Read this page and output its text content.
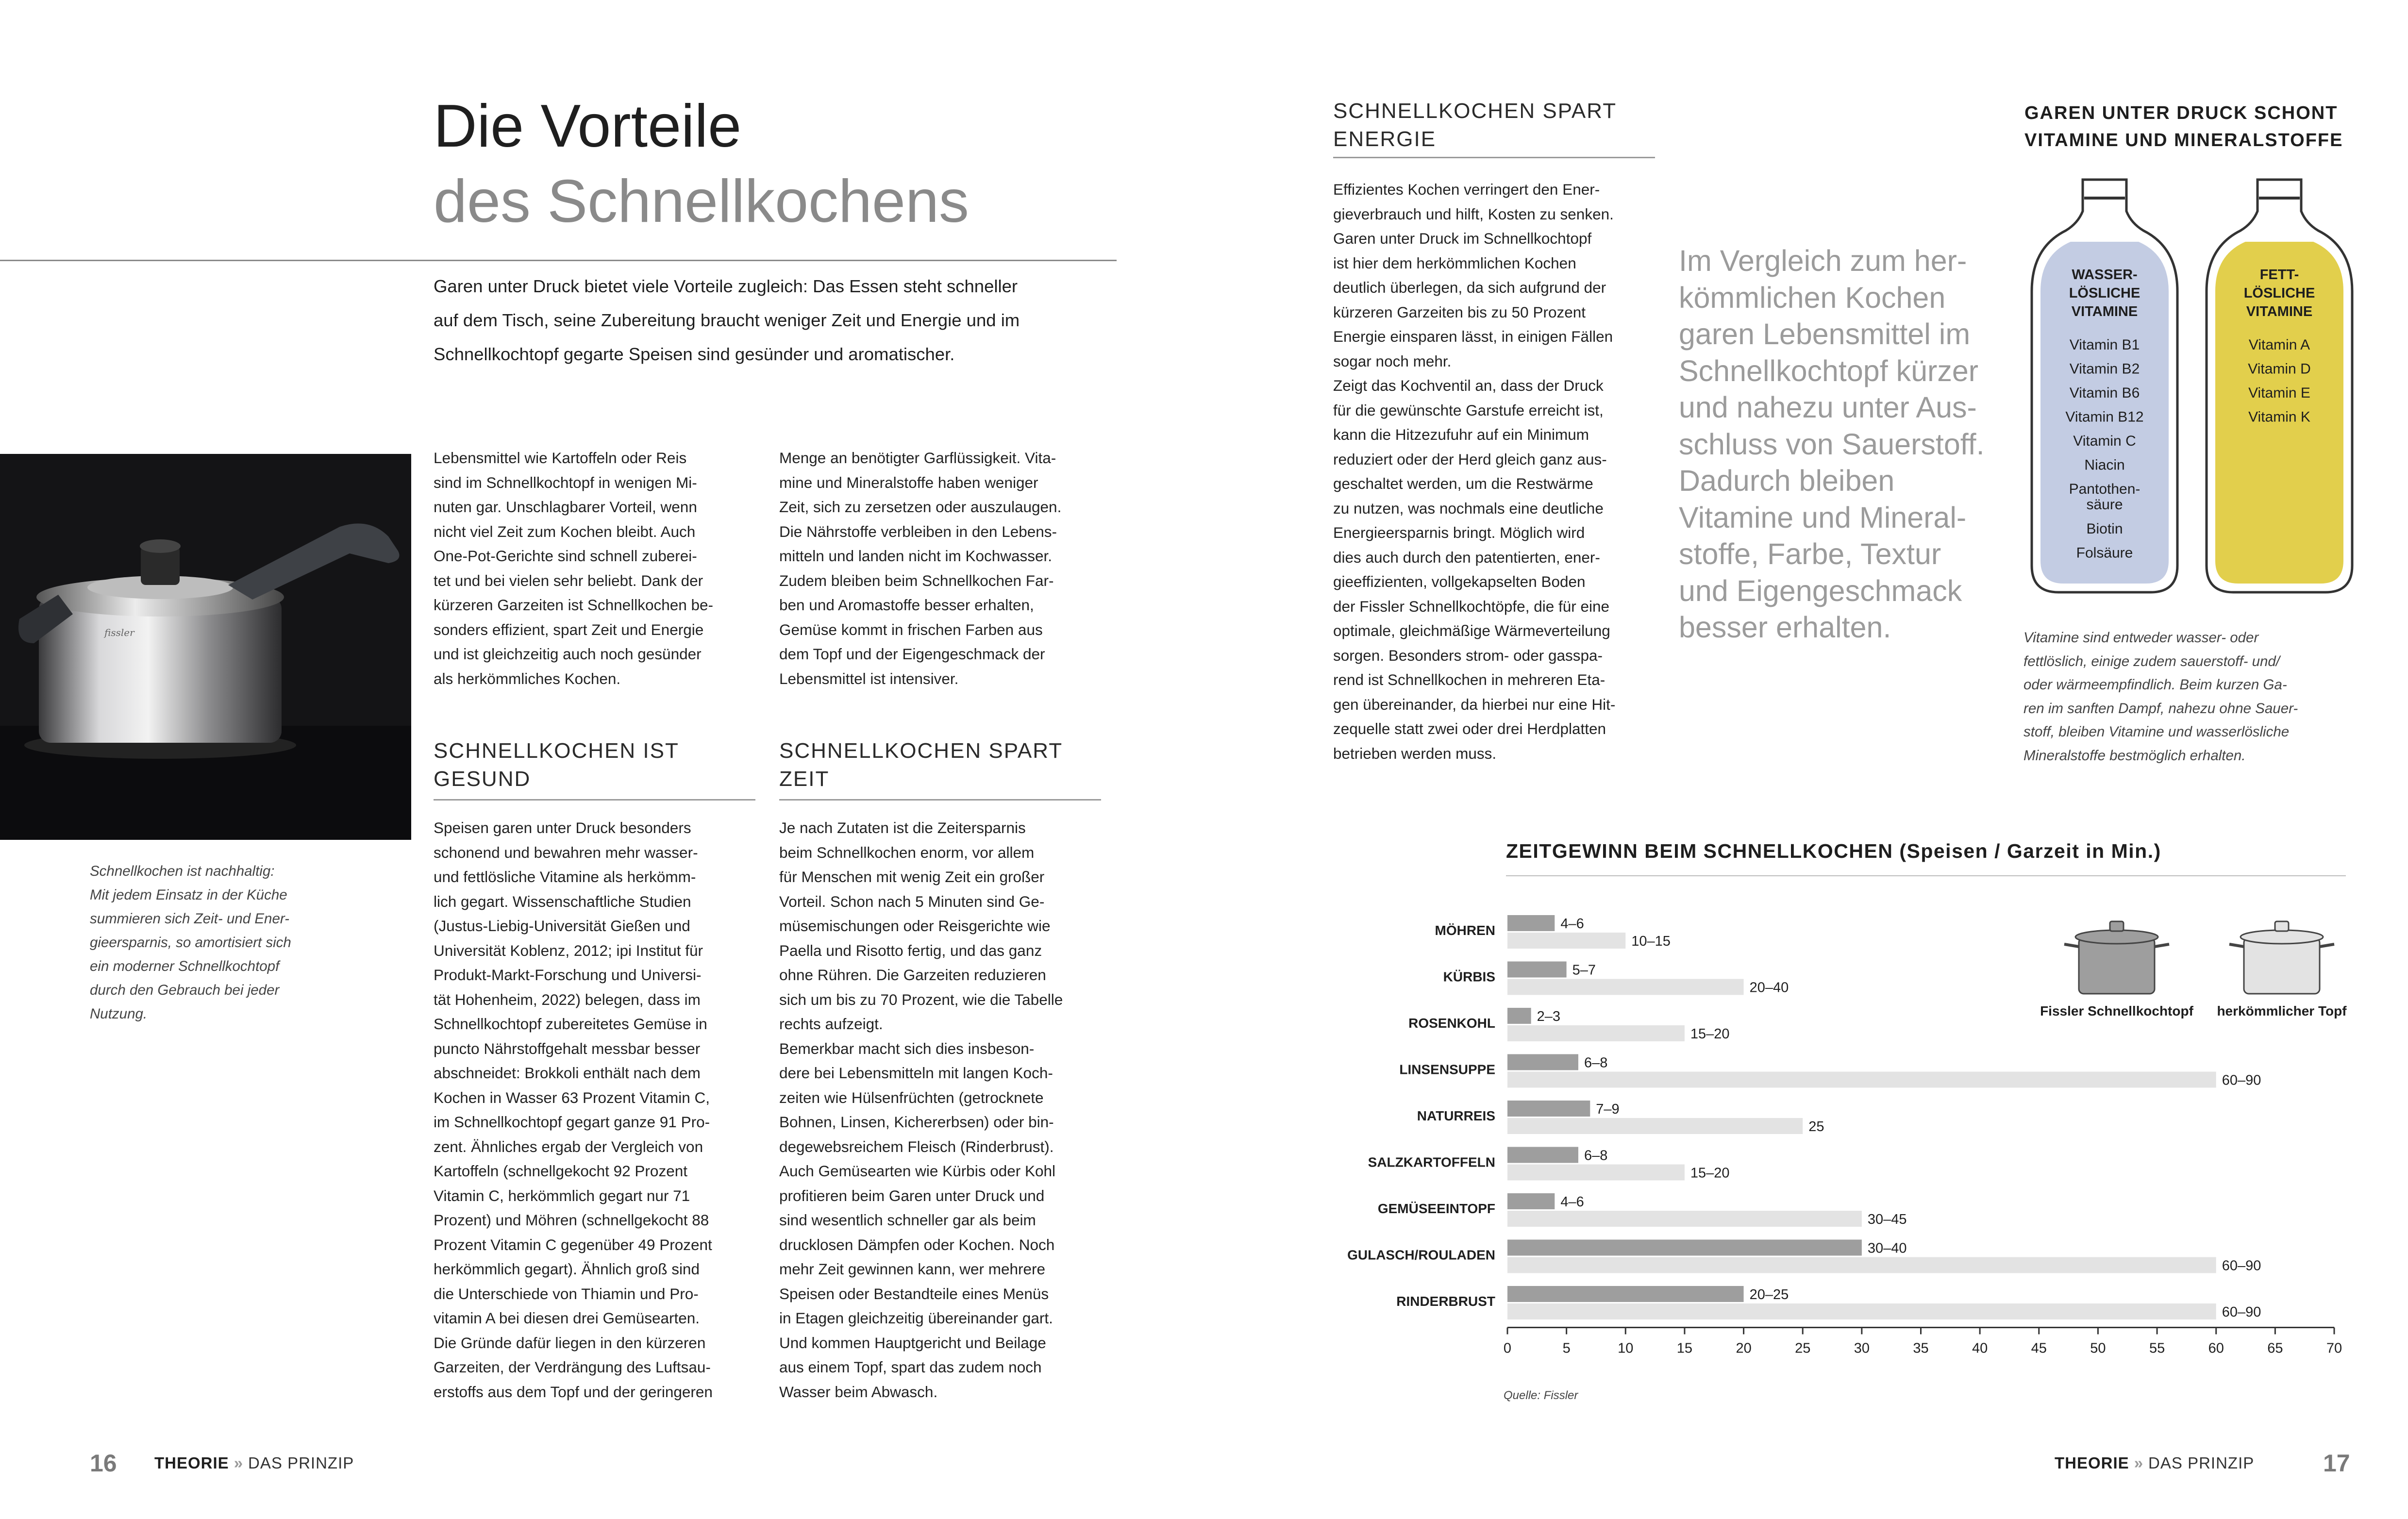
Die Vorteile
des Schnellkochens
Garen unter Druck bietet viele Vorteile zugleich: Das Essen steht schneller
auf dem Tisch, seine Zubereitung braucht weniger Zeit und Energie und im
Schnellkochtopf gegarte Speisen sind gesünder und aromatischer.
fissler
Schnellkochen ist nachhaltig:
Mit jedem Einsatz in der Küche
summieren sich Zeit- und Ener-
gieersparnis, so amortisiert sich
ein moderner Schnellkochtopf
durch den Gebrauch bei jeder
Nutzung.
Lebensmittel wie Kartoffeln oder Reis
sind im Schnellkochtopf in wenigen Mi-
nuten gar. Unschlagbarer Vorteil, wenn
nicht viel Zeit zum Kochen bleibt. Auch
One-Pot-Gerichte sind schnell zuberei-
tet und bei vielen sehr beliebt. Dank der
kürzeren Garzeiten ist Schnellkochen be-
sonders effizient, spart Zeit und Energie
und ist gleichzeitig auch noch gesünder
als herkömmliches Kochen.
Menge an benötigter Garflüssigkeit. Vita-
mine und Mineralstoffe haben weniger
Zeit, sich zu zersetzen oder auszulaugen.
Die Nährstoffe verbleiben in den Lebens-
mitteln und landen nicht im Kochwasser.
Zudem bleiben beim Schnellkochen Far-
ben und Aromastoffe besser erhalten,
Gemüse kommt in frischen Farben aus
dem Topf und der Eigengeschmack der
Lebensmittel ist intensiver.
SCHNELLKOCHEN IST
GESUND
Speisen garen unter Druck besonders
schonend und bewahren mehr wasser-
und fettlösliche Vitamine als herkömm-
lich gegart. Wissenschaftliche Studien
(Justus-Liebig-Universität Gießen und
Universität Koblenz, 2012; ipi Institut für
Produkt-Markt-Forschung und Universi-
tät Hohenheim, 2022) belegen, dass im
Schnellkochtopf zubereitetes Gemüse in
puncto Nährstoffgehalt messbar besser
abschneidet: Brokkoli enthält nach dem
Kochen in Wasser 63 Prozent Vitamin C,
im Schnellkochtopf gegart ganze 91 Pro-
zent. Ähnliches ergab der Vergleich von
Kartoffeln (schnellgekocht 92 Prozent
Vitamin C, herkömmlich gegart nur 71
Prozent) und Möhren (schnellgekocht 88
Prozent Vitamin C gegenüber 49 Prozent
herkömmlich gegart). Ähnlich groß sind
die Unterschiede von Thiamin und Pro-
vitamin A bei diesen drei Gemüsearten.
Die Gründe dafür liegen in den kürzeren
Garzeiten, der Verdrängung des Luftsau-
erstoffs aus dem Topf und der geringeren
SCHNELLKOCHEN SPART
ZEIT
Je nach Zutaten ist die Zeitersparnis
beim Schnellkochen enorm, vor allem
für Menschen mit wenig Zeit ein großer
Vorteil. Schon nach 5 Minuten sind Ge-
müsemischungen oder Reisgerichte wie
Paella und Risotto fertig, und das ganz
ohne Rühren. Die Garzeiten reduzieren
sich um bis zu 70 Prozent, wie die Tabelle
rechts aufzeigt.
Bemerkbar macht sich dies insbeson-
dere bei Lebensmitteln mit langen Koch-
zeiten wie Hülsenfrüchten (getrocknete
Bohnen, Linsen, Kichererbsen) oder bin-
degewebsreichem Fleisch (Rinderbrust).
Auch Gemüsearten wie Kürbis oder Kohl
profitieren beim Garen unter Druck und
sind wesentlich schneller gar als beim
drucklosen Dämpfen oder Kochen. Noch
mehr Zeit gewinnen kann, wer mehrere
Speisen oder Bestandteile eines Menüs
in Etagen gleichzeitig übereinander gart.
Und kommen Hauptgericht und Beilage
aus einem Topf, spart das zudem noch
Wasser beim Abwasch.
16 THEORIE » DAS PRINZIP
SCHNELLKOCHEN SPART
ENERGIE
Effizientes Kochen verringert den Ener-
gieverbrauch und hilft, Kosten zu senken.
Garen unter Druck im Schnellkochtopf
ist hier dem herkömmlichen Kochen
deutlich überlegen, da sich aufgrund der
kürzeren Garzeiten bis zu 50 Prozent
Energie einsparen lässt, in einigen Fällen
sogar noch mehr.
Zeigt das Kochventil an, dass der Druck
für die gewünschte Garstufe erreicht ist,
kann die Hitzezufuhr auf ein Minimum
reduziert oder der Herd gleich ganz aus-
geschaltet werden, um die Restwärme
zu nutzen, was nochmals eine deutliche
Energieersparnis bringt. Möglich wird
dies auch durch den patentierten, ener-
gieeffizienten, vollgekapselten Boden
der Fissler Schnellkochtöpfe, die für eine
optimale, gleichmäßige Wärmeverteilung
sorgen. Besonders strom- oder gasspa-
rend ist Schnellkochen in mehreren Eta-
gen übereinander, da hierbei nur eine Hit-
zequelle statt zwei oder drei Herdplatten
betrieben werden muss.
Im Vergleich zum her-
kömmlichen Kochen
garen Lebensmittel im
Schnellkochtopf kürzer
und nahezu unter Aus-
schluss von Sauerstoff.
Dadurch bleiben
Vitamine und Mineral-
stoffe, Farbe, Textur
und Eigengeschmack
besser erhalten.
GAREN UNTER DRUCK SCHONT
VITAMINE UND MINERALSTOFFE
WASSER-
LÖSLICHE
VITAMINE
Vitamin B1
Vitamin B2
Vitamin B6
Vitamin B12
Vitamin C
Niacin
Pantothen-
säure
Biotin
Folsäure
FETT-
LÖSLICHE
VITAMINE
Vitamin A
Vitamin D
Vitamin E
Vitamin K
Vitamine sind entweder wasser- oder
fettlöslich, einige zudem sauerstoff- und/
oder wärmeempfindlich. Beim kurzen Ga-
ren im sanften Dampf, nahezu ohne Sauer-
stoff, bleiben Vitamine und wasserlösliche
Mineralstoffe bestmöglich erhalten.
ZEITGEWINN BEIM SCHNELLKOCHEN (Speisen / Garzeit in Min.)
MÖHREN	4–6
10–15
KÜRBIS	5–7
20–40
ROSENKOHL	2–3
15–20
LINSENSUPPE	6–8
60–90
NATURREIS	7–9
25
SALZKARTOFFELN	6–8
15–20
GEMÜSEEINTOPF	4–6
30–45
GULASCH/ROULADEN	30–40
60–90
RINDERBRUST	20–25
60–90
0	5	10	15	20	25	30	35	40	45	50	55	60	65	70
Fissler Schnellkochtopf herkömmlicher Topf
Quelle: Fissler
THEORIE » DAS PRINZIP	17
